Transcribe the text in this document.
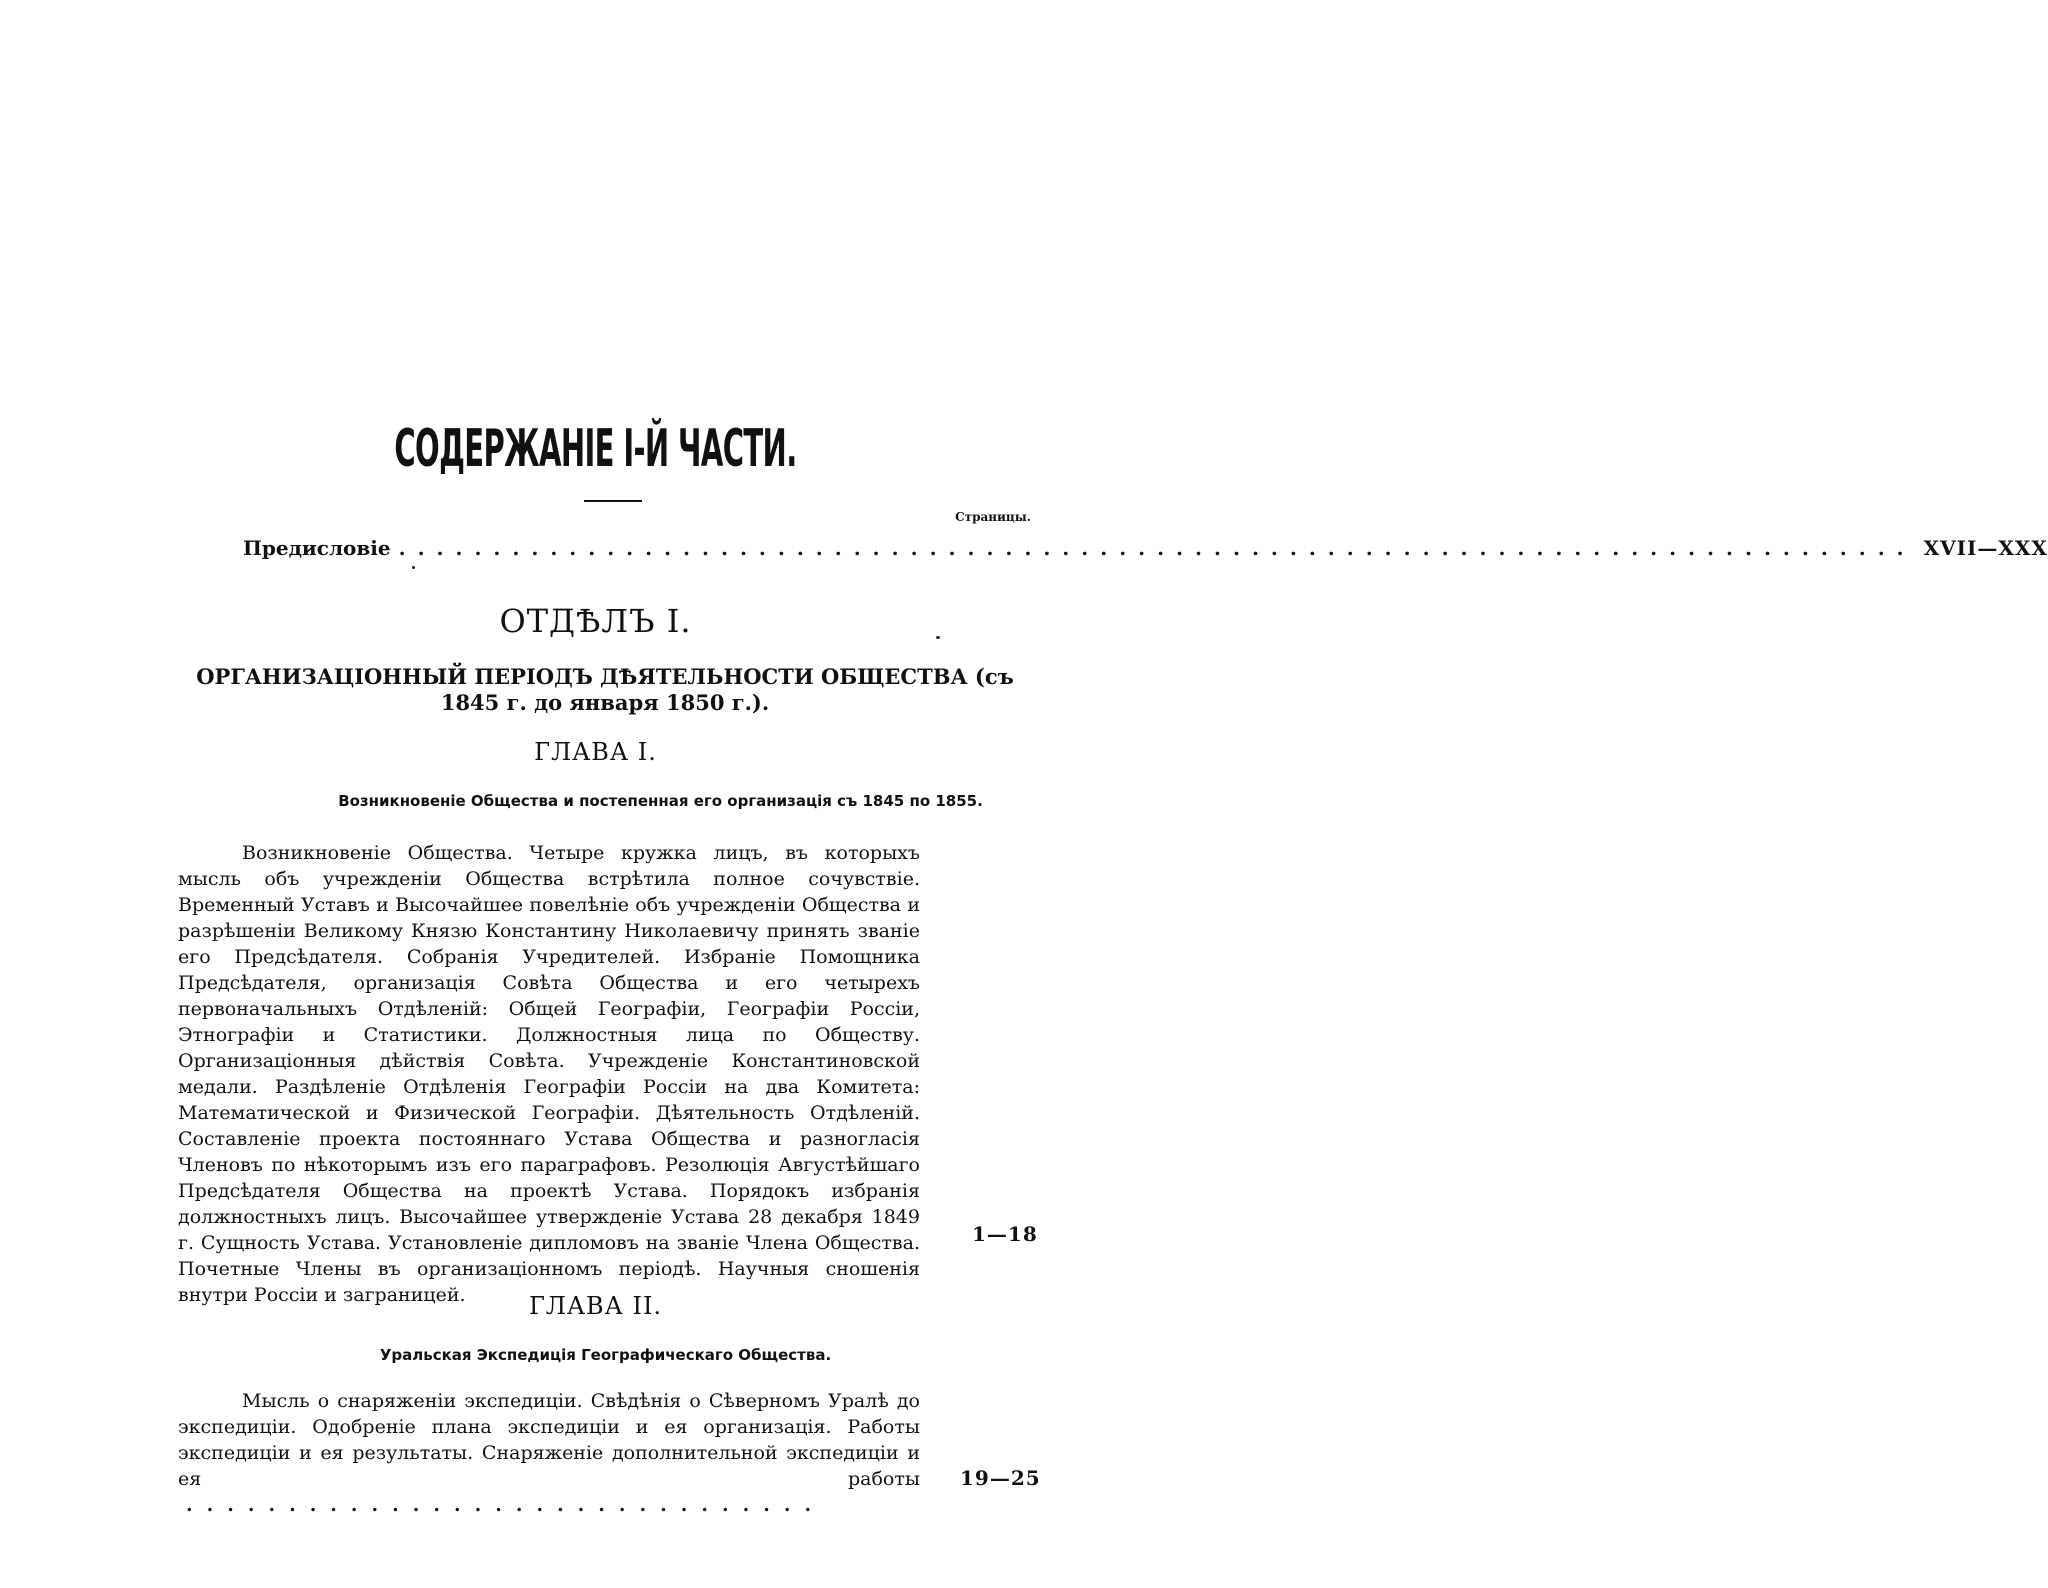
СОДЕРЖАНІЕ І-Й ЧАСТИ.
Страницы.
Предисловіе ................................................................................ XVII—XXX
ОТДѢЛЪ I.
ОРГАНИЗАЦІОННЫЙ ПЕРІОДЪ ДѢЯТЕЛЬНОСТИ ОБЩЕСТВА (съ 1845 г. до января 1850 г.).
ГЛАВА I.
Возникновеніе Общества и постепенная его организація съ 1845 по 1855.

Возникновеніе Общества. Четыре кружка лицъ, въ которыхъ мысль объ учрежденіи Общества встрѣтила полное сочувствіе. Временный Уставъ и Высочайшее повелѣніе объ учрежденіи Общества и разрѣшеніи Великому Князю Константину Николаевичу принять званіе его Предсѣдателя. Собранія Учредителей. Избраніе Помощника Предсѣдателя, организація Совѣта Общества и его четырехъ первоначальныхъ Отдѣленій: Общей Географіи, Географіи Россіи, Этнографіи и Статистики. Должностныя лица по Обществу. Организаціонныя дѣйствія Совѣта. Учрежденіе Константиновской медали. Раздѣленіе Отдѣленія Географіи Россіи на два Комитета: Математической и Физической Географіи. Дѣятельность Отдѣленій. Составленіе проекта постояннаго Устава Общества и разногласія Членовъ по нѣкоторымъ изъ его параграфовъ. Резолюція Августѣйшаго Предсѣдателя Общества на проектѣ Устава. Порядокъ избранія должностныхъ лицъ. Высочайшее утвержденіе Устава 28 декабря 1849 г. Сущность Устава. Установленіе дипломовъ на званіе Члена Общества. Почетные Члены въ организаціонномъ періодѣ. Научныя сношенія внутри Россіи и заграницей.

1—18
ГЛАВА II.
Уральская Экспедиція Географическаго Общества.

Мысль о снаряженіи экспедиціи. Свѣдѣнія о Сѣверномъ Уралѣ до экспедиціи. Одобреніе плана экспедиціи и ея организація. Работы экспедиціи и ея результаты. Снаряженіе дополнительной экспедиціи и ея работы ...............................

19—25
